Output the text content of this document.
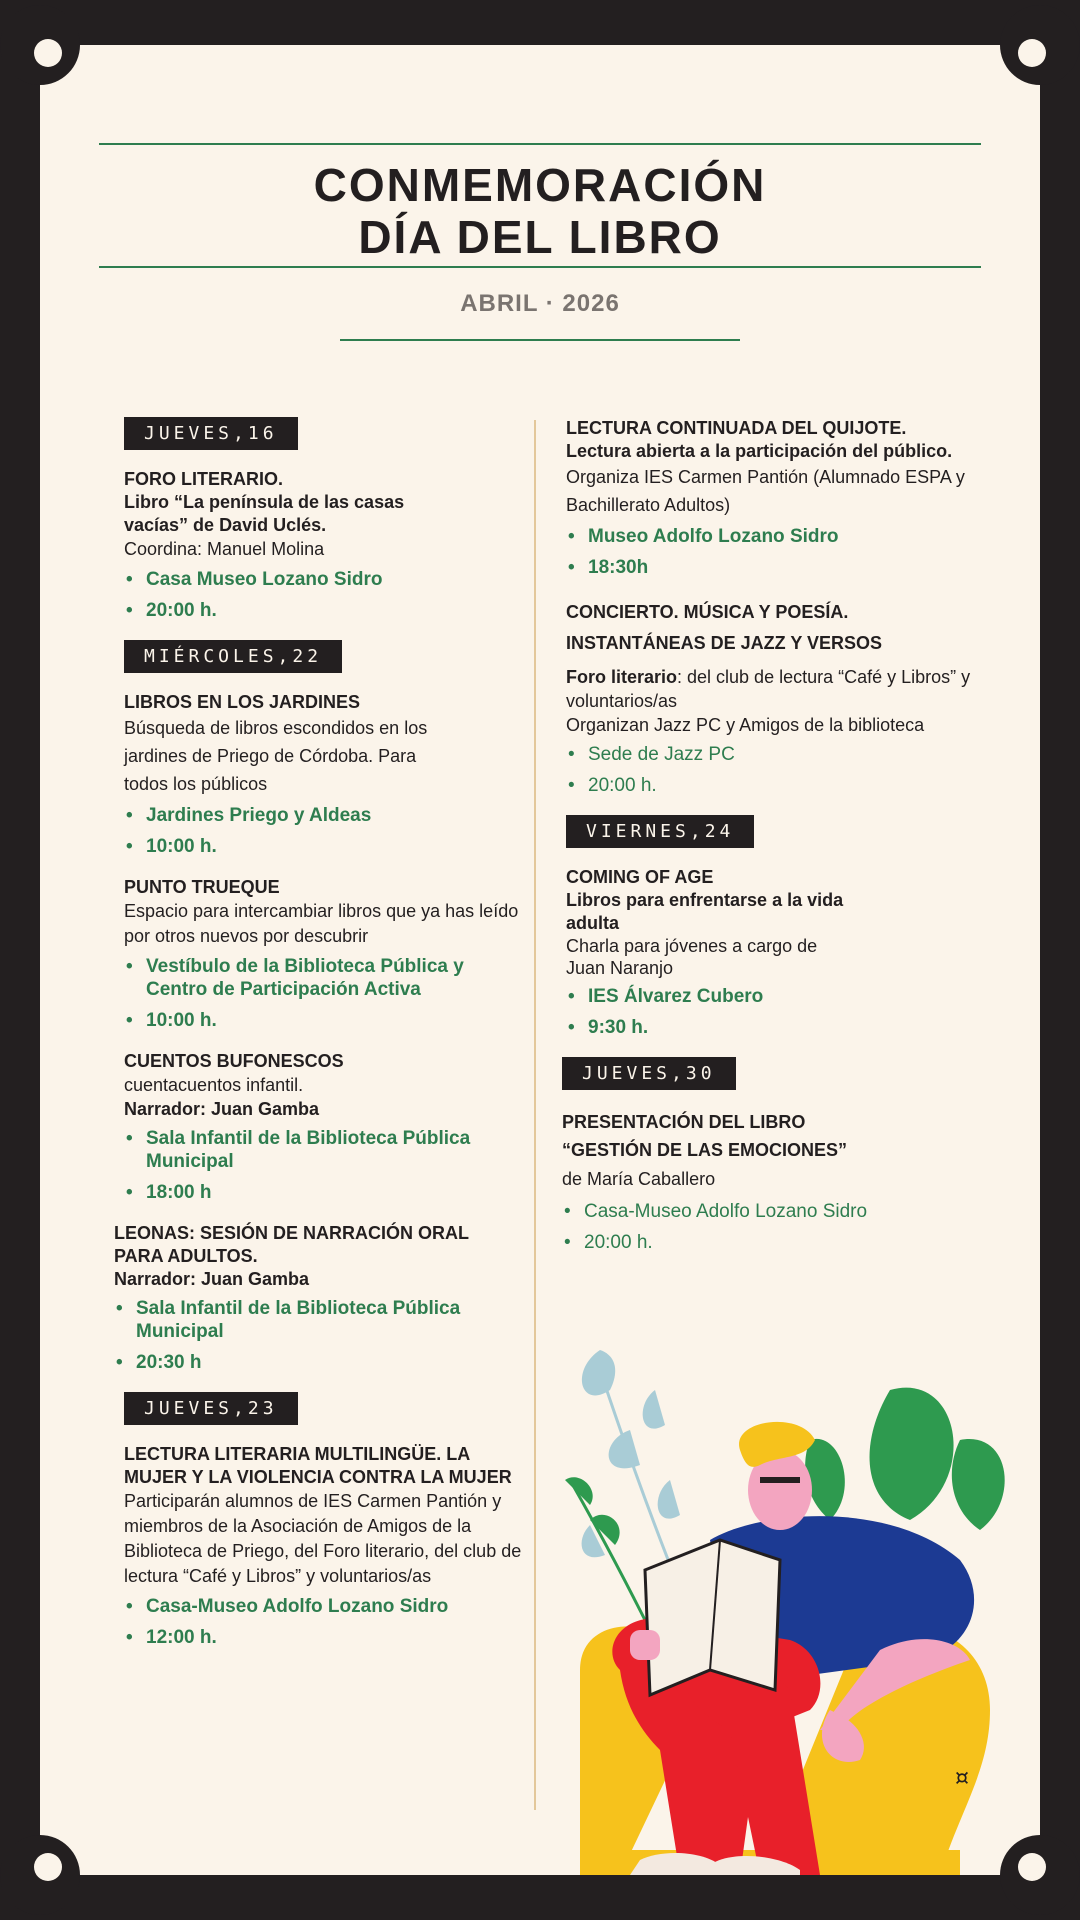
CONMEMORACIÓN
DÍA DEL LIBRO
ABRIL · 2026
JUEVES,16
FORO LITERARIO.
Libro “La península de las casas vacías” de David Uclés.
Coordina: Manuel Molina
• Casa Museo Lozano Sidro
• 20:00 h.
MIÉRCOLES,22
LIBROS EN LOS JARDINES
Búsqueda de libros escondidos en los jardines de Priego de Córdoba. Para todos los públicos
• Jardines Priego y Aldeas
• 10:00 h.
PUNTO TRUEQUE
Espacio para intercambiar libros que ya has leído por otros nuevos por descubrir
• Vestíbulo de la Biblioteca Pública y Centro de Participación Activa
• 10:00 h.
CUENTOS BUFONESCOS
cuentacuentos infantil.
Narrador: Juan Gamba
• Sala Infantil de la Biblioteca Pública Municipal
• 18:00 h
LEONAS: SESIÓN DE NARRACIÓN ORAL PARA ADULTOS.
Narrador: Juan Gamba
• Sala Infantil de la Biblioteca Pública Municipal
• 20:30 h
JUEVES,23
LECTURA LITERARIA MULTILINGÜE. LA MUJER Y LA VIOLENCIA CONTRA LA MUJER
Participarán alumnos de IES Carmen Pantión y miembros de la Asociación de Amigos de la Biblioteca de Priego, del Foro literario, del club de lectura “Café y Libros” y voluntarios/as
• Casa-Museo Adolfo Lozano Sidro
• 12:00 h.
LECTURA CONTINUADA DEL QUIJOTE.
Lectura abierta a la participación del público.
Organiza IES Carmen Pantión (Alumnado ESPA y Bachillerato Adultos)
• Museo Adolfo Lozano Sidro
• 18:30h
CONCIERTO. MÚSICA Y POESÍA.
INSTANTÁNEAS DE JAZZ Y VERSOS
Foro literario: del club de lectura “Café y Libros” y voluntarios/as
Organizan Jazz PC y Amigos de la biblioteca
• Sede de Jazz PC
• 20:00 h.
VIERNES,24
COMING OF AGE
Libros para enfrentarse a la vida adulta
Charla para jóvenes a cargo de Juan Naranjo
• IES Álvarez Cubero
• 9:30 h.
JUEVES,30
PRESENTACIÓN DEL LIBRO
“GESTIÓN DE LAS EMOCIONES”
de María Caballero
• Casa-Museo Adolfo Lozano Sidro
• 20:00 h.
¤
